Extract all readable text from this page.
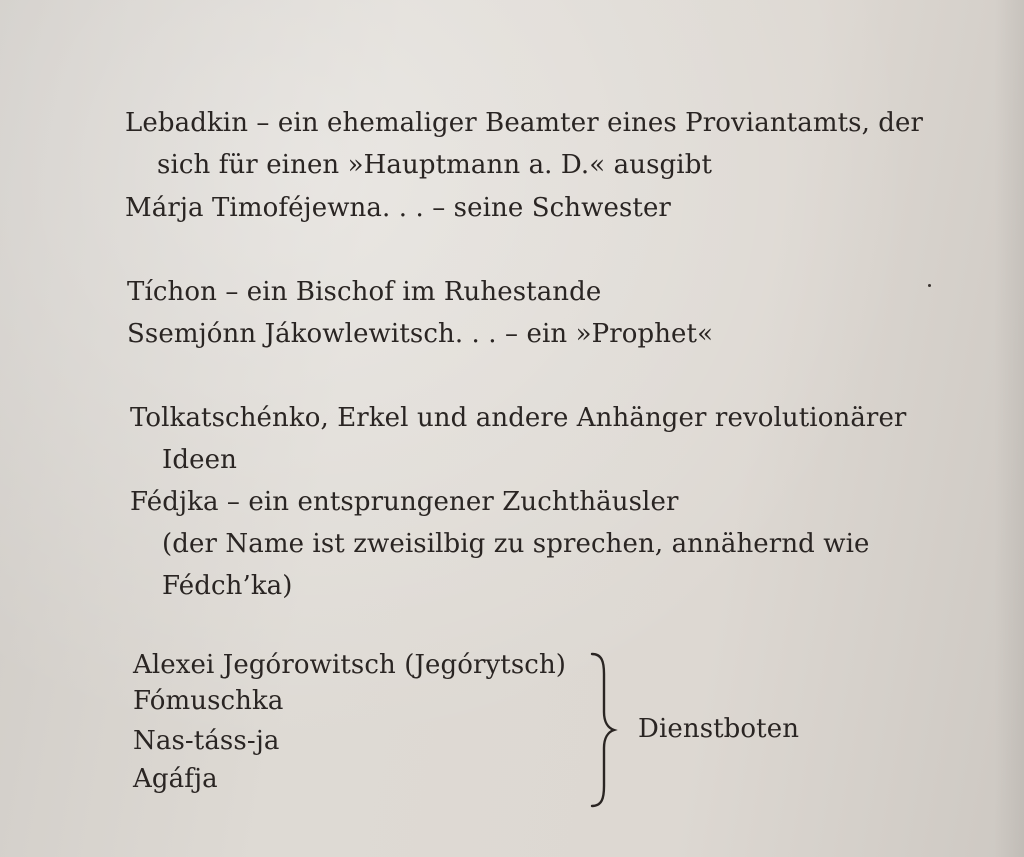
Lebadkin – ein ehemaliger Beamter eines Proviantamts, der
sich für einen »Hauptmann a. D.« ausgibt
Márja Timoféjewna. . . – seine Schwester
Tíchon – ein Bischof im Ruhestande
Ssemjónn Jákowlewitsch. . . – ein »Prophet«
Tolkatschénko, Erkel und andere Anhänger revolutionärer
Ideen
Fédjka – ein entsprungener Zuchthäusler
(der Name ist zweisilbig zu sprechen, annähernd wie
Fédch’ka)
Alexei Jegórowitsch (Jegórytsch)
Fómuschka
Nas-táss-ja
Agáfja
Dienstboten
